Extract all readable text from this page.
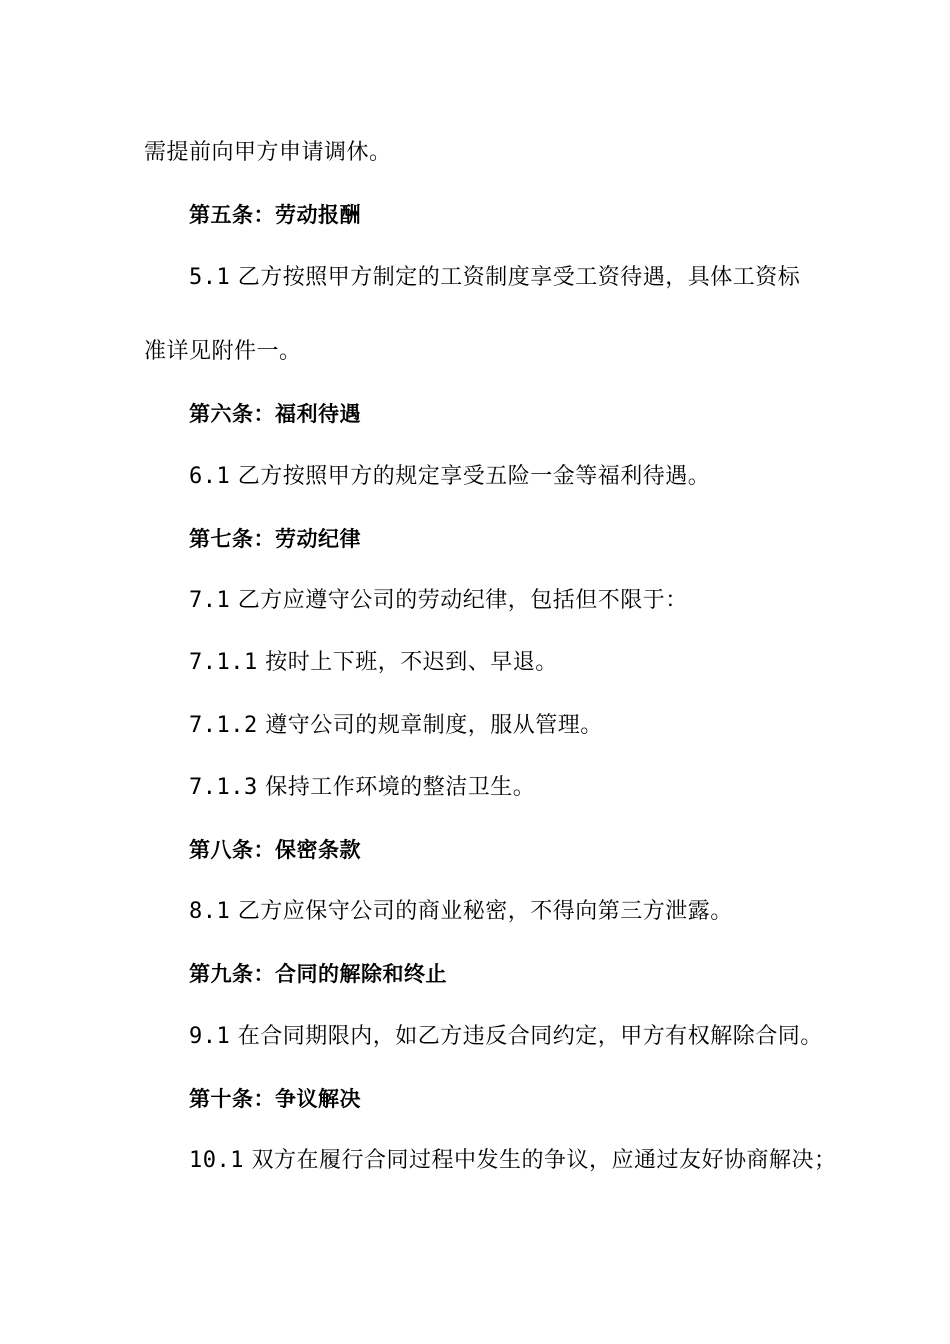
需提前向甲方申请调休。
第五条：劳动报酬
5.1 乙方按照甲方制定的工资制度享受工资待遇，具体工资标
准详见附件一。
第六条：福利待遇
6.1 乙方按照甲方的规定享受五险一金等福利待遇。
第七条：劳动纪律
7.1 乙方应遵守公司的劳动纪律，包括但不限于：
7.1.1 按时上下班，不迟到、早退。
7.1.2 遵守公司的规章制度，服从管理。
7.1.3 保持工作环境的整洁卫生。
第八条：保密条款
8.1 乙方应保守公司的商业秘密，不得向第三方泄露。
第九条：合同的解除和终止
9.1 在合同期限内，如乙方违反合同约定，甲方有权解除合同。
第十条：争议解决
10.1 双方在履行合同过程中发生的争议，应通过友好协商解决；
